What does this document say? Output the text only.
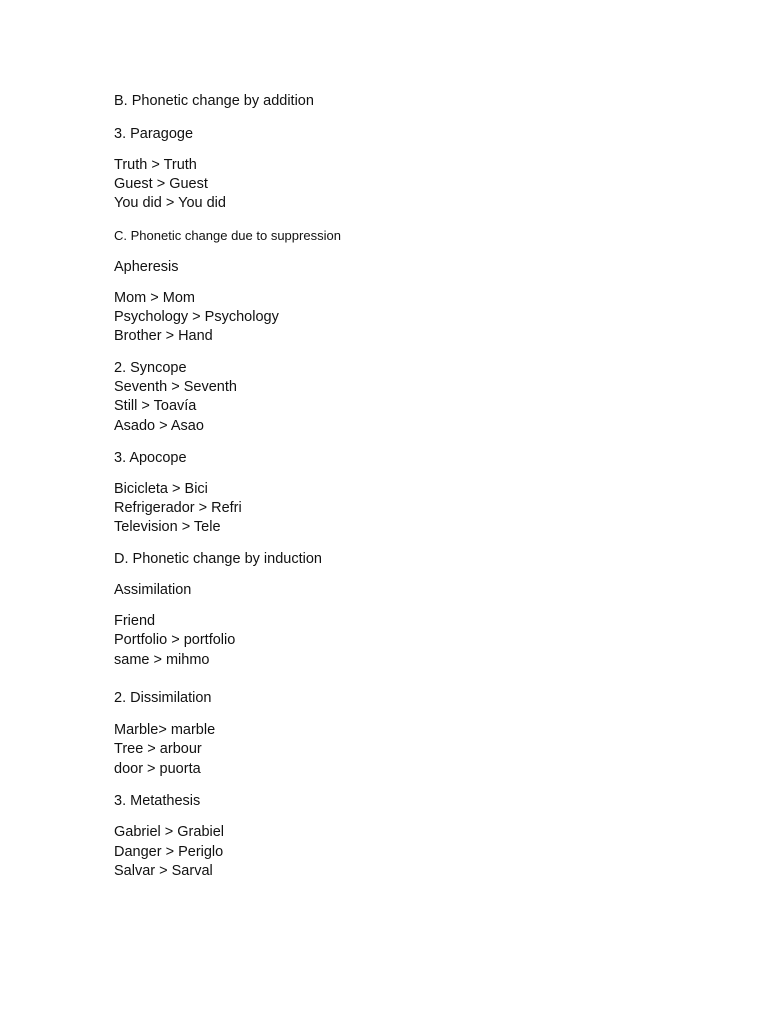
B. Phonetic change by addition
3. Paragoge
Truth > Truth
Guest > Guest
You did > You did
C. Phonetic change due to suppression
Apheresis
Mom > Mom
Psychology > Psychology
Brother > Hand
2. Syncope
Seventh > Seventh
Still > Toavía
Asado > Asao
3. Apocope
Bicicleta > Bici
Refrigerador > Refri
Television > Tele
D. Phonetic change by induction
Assimilation
Friend
Portfolio > portfolio
same > mihmo
2. Dissimilation
Marble> marble
Tree > arbour
door > puorta
3. Metathesis
Gabriel > Grabiel
Danger > Periglo
Salvar > Sarval
